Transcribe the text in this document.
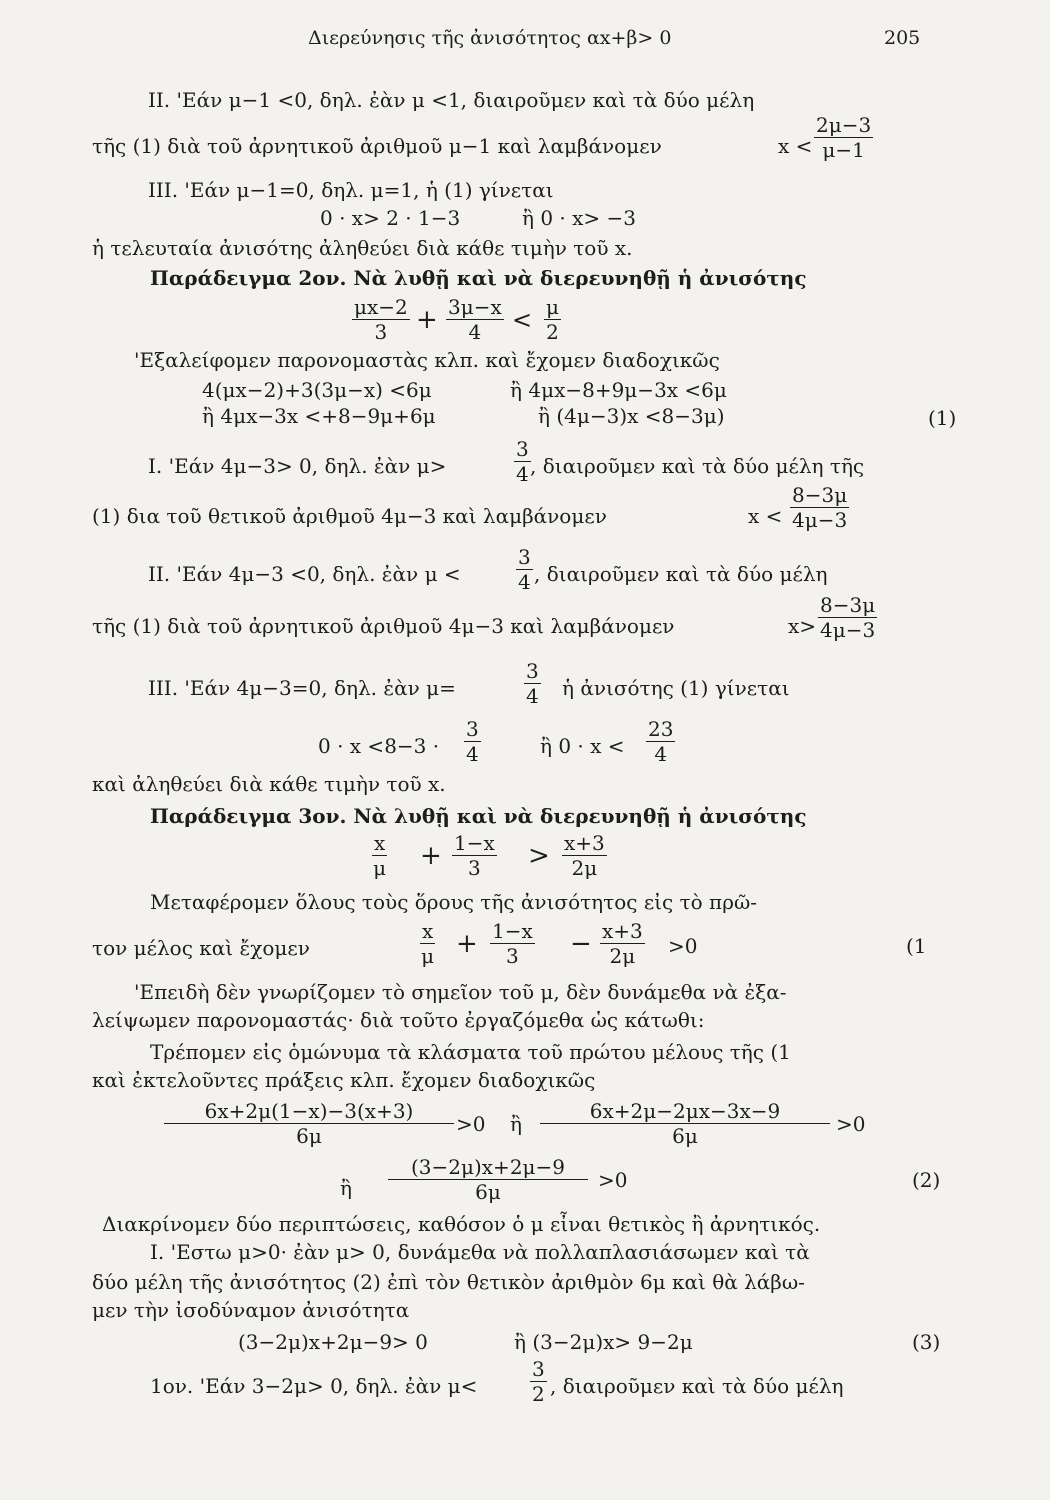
Διερεύνησις τῆς ἀνισότητος αx+β> 0	205
II. 'Εάν μ−1 <0, δηλ. ἐὰν μ <1, διαιροῦμεν καὶ τὰ δύο μέλη
τῆς (1) διὰ τοῦ ἀρνητικοῦ ἀριθμοῦ μ−1 καὶ λαμβάνομεν	$x < \frac{2\mu-3}{\mu-1}$
III. 'Εάν μ−1=0, δηλ. μ=1, ἡ (1) γίνεται
0 · x> 2 · 1−3	ἢ 0 · x> −3
ἡ τελευταία ἀνισότης ἀληθεύει διὰ κάθε τιμὴν τοῦ x.
Παράδειγμα 2ον. Νὰ λυθῇ καὶ νὰ διερευνηθῇ ἡ ἀνισότης
$\frac{\mu x-2}{3} + \frac{3\mu-x}{4} < \frac{\mu}{2}$
'Εξαλείφομεν παρονομαστὰς κλπ. καὶ ἔχομεν διαδοχικῶς
4(μx−2)+3(3μ−x) <6μ	ἢ 4μx−8+9μ−3x <6μ
ἢ 4μx−3x <+8−9μ+6μ	ἢ (4μ−3)x <8−3μ)	(1)
I. 'Εάν 4μ−3> 0, δηλ. ἐὰν μ>	$\frac{3}{4}$ , διαιροῦμεν καὶ τὰ δύο μέλη τῆς
(1) δια τοῦ θετικοῦ ἀριθμοῦ 4μ−3 καὶ λαμβάνομεν	$x < \frac{8-3\mu}{4\mu-3}$
II. 'Εάν 4μ−3 <0, δηλ. ἐὰν μ <	$\frac{3}{4}$ , διαιροῦμεν καὶ τὰ δύο μέλη
τῆς (1) διὰ τοῦ ἀρνητικοῦ ἀριθμοῦ 4μ−3 καὶ λαμβάνομεν	$x> \frac{8-3\mu}{4\mu-3}$
III. 'Εάν 4μ−3=0, δηλ. ἐὰν μ=	$\frac{3}{4}$ ἡ ἀνισότης (1) γίνεται
$0 \cdot x <8-3 \cdot \frac{3}{4}$	ἢ $0 \cdot x < \frac{23}{4}$
καὶ ἀληθεύει διὰ κάθε τιμὴν τοῦ x.
Παράδειγμα 3ον. Νὰ λυθῇ καὶ νὰ διερευνηθῇ ἡ ἀνισότης
$\frac{x}{\mu} + \frac{1-x}{3} > \frac{x+3}{2\mu}$
Μεταφέρομεν ὅλους τοὺς ὅρους τῆς ἀνισότητος εἰς τὸ πρῶ-
τον μέλος καὶ ἔχομεν	$\frac{x}{\mu} + \frac{1-x}{3} - \frac{x+3}{2\mu} >0$	(1
'Επειδὴ δὲν γνωρίζομεν τὸ σημεῖον τοῦ μ, δὲν δυνάμεθα νὰ ἐξα-
λείψωμεν παρονομαστάς· διὰ τοῦτο ἐργαζόμεθα ὡς κάτωθι:
Τρέπομεν εἰς ὁμώνυμα τὰ κλάσματα τοῦ πρώτου μέλους τῆς (1
καὶ ἐκτελοῦντες πράξεις κλπ. ἔχομεν διαδοχικῶς
$\frac{6x+2\mu(1-x)-3(x+3)}{6\mu} >0$ ἢ $\frac{6x+2\mu-2\mu x-3x-9}{6\mu} >0$
ἢ $\frac{(3-2\mu)x+2\mu-9}{6\mu} >0$	(2)
Διακρίνομεν δύο περιπτώσεις, καθόσον ὁ μ εἶναι θετικὸς ἢ ἀρνητικός.
I. 'Εστω μ>0· ἐὰν μ> 0, δυνάμεθα νὰ πολλαπλασιάσωμεν καὶ τὰ
δύο μέλη τῆς ἀνισότητος (2) ἐπὶ τὸν θετικὸν ἀριθμὸν 6μ καὶ θὰ λάβω-
μεν τὴν ἰσοδύναμον ἀνισότητα
(3−2μ)x+2μ−9> 0	ἢ (3−2μ)x> 9−2μ	(3)
1ον. 'Εάν 3−2μ> 0, δηλ. ἐὰν μ<	$\frac{3}{2}$ , διαιροῦμεν καὶ τὰ δύο μέλη
